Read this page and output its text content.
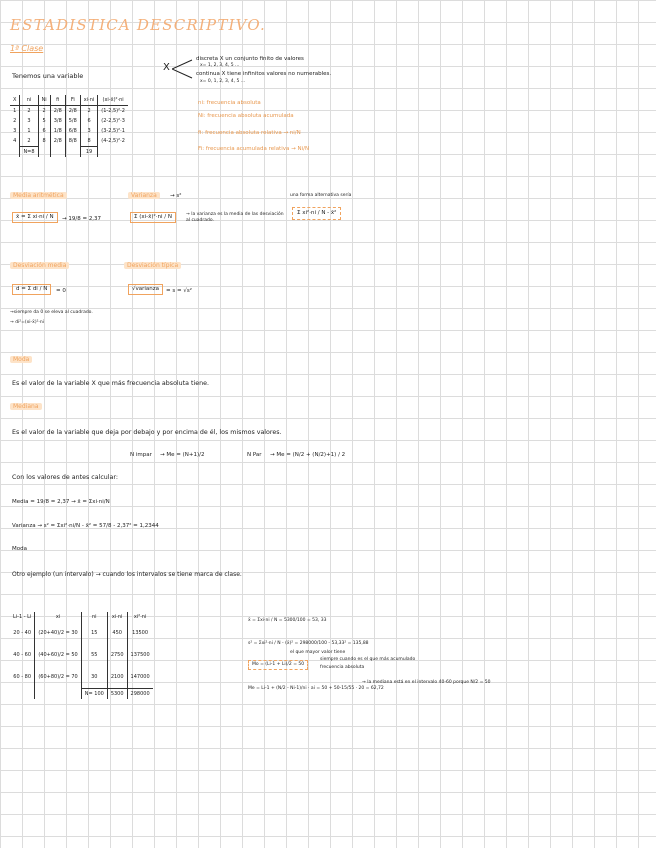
ESTADISTICA DESCRIPTIVO.
1ª Clase
Tenemos una variable
X
discreta X un conjunto finito de valores
x= 1, 2, 3, 4, 5 ...
continua X tiene infinitos valores no numerables.
x= 0, 1, 2, 3, 4, 5 ...
X	ni	Ni	fi	Fi	xi·ni	(xi-x̄)²·ni
1	2	2	2/8	2/8	2	(1-2,5)²·2
2	3	5	3/8	5/8	6	(2-2,5)²·3
3	1	6	1/8	6/8	3	(3-2,5)²·1
4	2	8	2/8	8/8	8	(4-2,5)²·2
	N=8				19	
ni: frecuencia absoluta
Ni: frecuencia absoluta acumulada
fi: frecuencia absoluta relativa → ni/N
Fi: frecuencia acumulada relativa → Ni/N
Media aritmética
x̄ = Σ xi·ni / N	→ 19/8 = 2,37
Varianza	→ s²
Σ (xi-x̄)²·ni / N	→ la varianza es la media de las desviación al cuadrado.
una forma alternativa sería
Σ xi²·ni / N - x̄²
Desviación media
d = Σ di / N	= 0
→siempre da 0 se eleva al cuadrado.
→ di²=(xi-x̄)²·ni
Desviación típica
√varianza	= s = √s²
Moda
Es el valor de la variable X que más frecuencia absoluta tiene.
Mediana
Es el valor de la variable que deja por debajo y por encima de él, los mismos valores.
N impar → Me = (N+1)/2	N Par → Me = (N/2 + (N/2)+1) / 2
Con los valores de antes calcular:
Media = 19/8 = 2,37 → x̄ = Σxi·ni/N
Varianza → s² = Σxi²·ni/N - x̄² = 57/8 - 2,37² = 1,2344
Moda
Otro ejemplo (un intervalo) → cuando los intervalos se tiene marca de clase.
Li-1 - Li	xi	ni	xi·ni	xi²·ni
20 - 40	(20+40)/2 = 30	15	450	13500
40 - 60	(40+60)/2 = 50	55	2750	137500
60 - 80	(60+80)/2 = 70	30	2100	147000
		N= 100	5300	298000
x̄ = Σxi·ni / N = 5300/100 = 53, 33
s² = Σxi²·ni / N - (x̄)² = 298000/100 - 53,33² = 135,88
el que mayor valor tiene
Mo = (Li-1 + Li)/2 = 50
siempre cuando es el que más acumulado
frecuencia absoluta
Me = Li-1 + (N/2 - Ni-1)/ni · ai = 50 + 50-15/55 · 20 = 62,72
→ la mediana está en el intervalo 40-60 porque N/2 = 50
